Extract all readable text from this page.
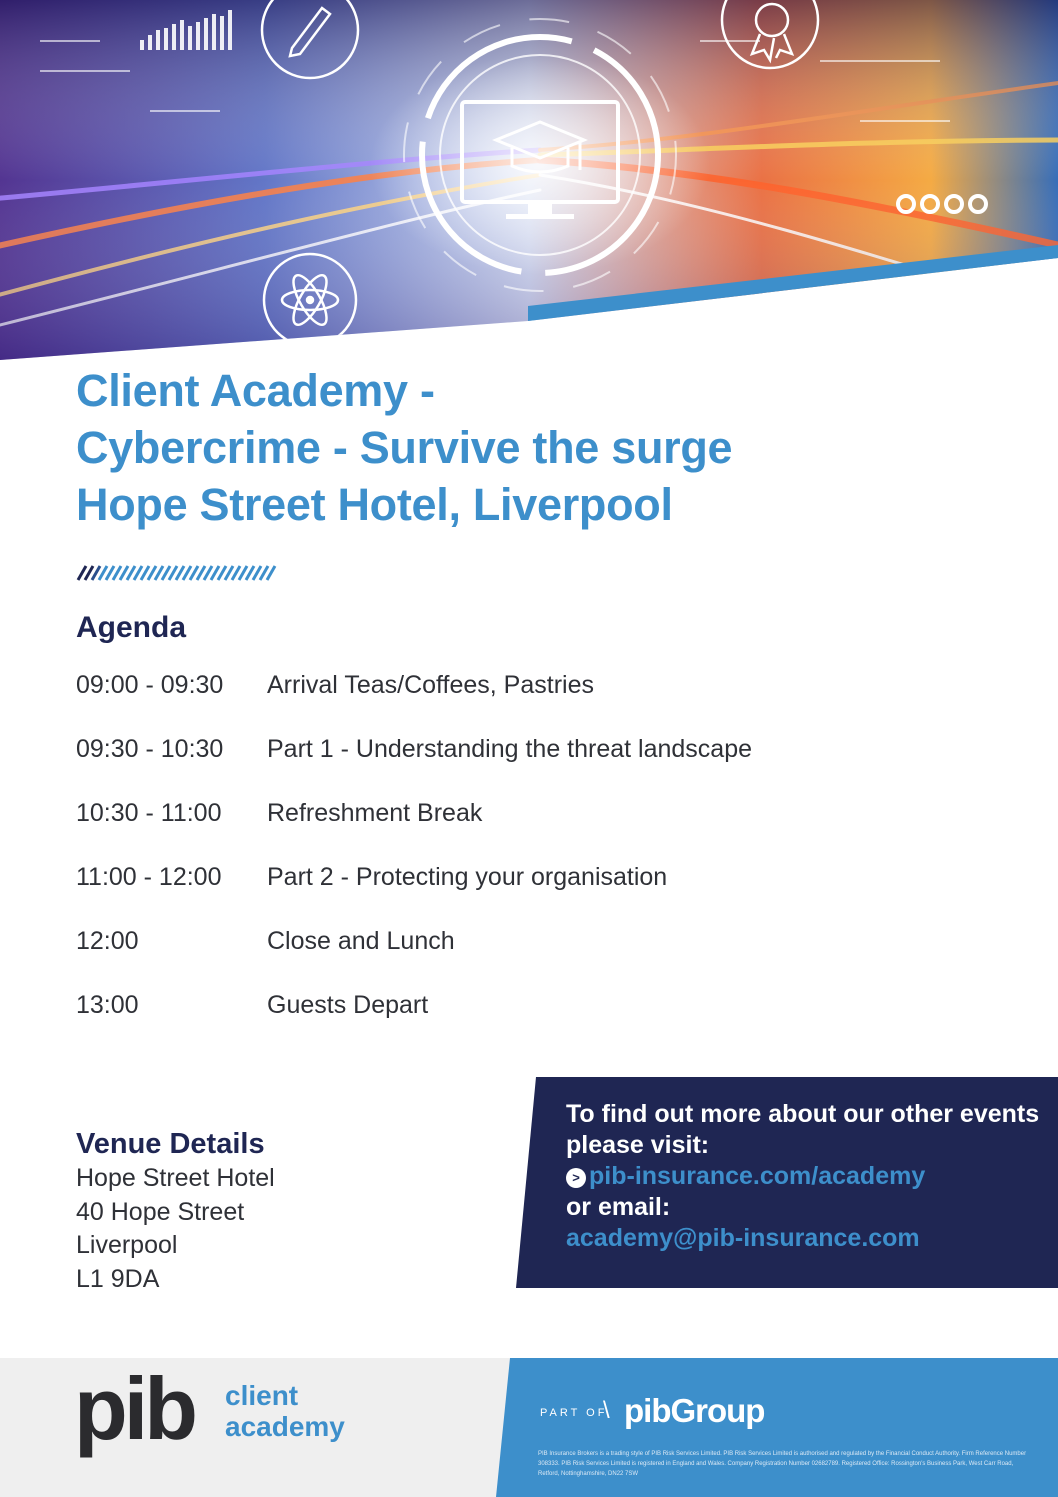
Client Academy -
Cybercrime - Survive the surge
Hope Street Hotel, Liverpool
Agenda
09:00 - 09:30 Arrival Teas/Coffees, Pastries
09:30 - 10:30 Part 1 - Understanding the threat landscape
10:30 - 11:00 Refreshment Break
11:00 - 12:00 Part 2 - Protecting your organisation
12:00	Close and Lunch
13:00	Guests Depart
Venue Details
Hope Street Hotel
40 Hope Street
Liverpool
L1 9DA
To find out more about our other events
please visit:
> pib-insurance.com/academy
or email:
academy@pib-insurance.com
pib client
academy	PART OF
\ pibGroup
PIB Insurance Brokers is a trading style of PIB Risk Services Limited. PIB Risk Services Limited is authorised and regulated by the Financial Conduct Authority. Firm Reference Number 308333. PIB Risk Services Limited is registered in England and Wales. Company Registration Number 02682789. Registered Office: Rossington's Business Park, West Carr Road, Retford, Nottinghamshire, DN22 7SW
